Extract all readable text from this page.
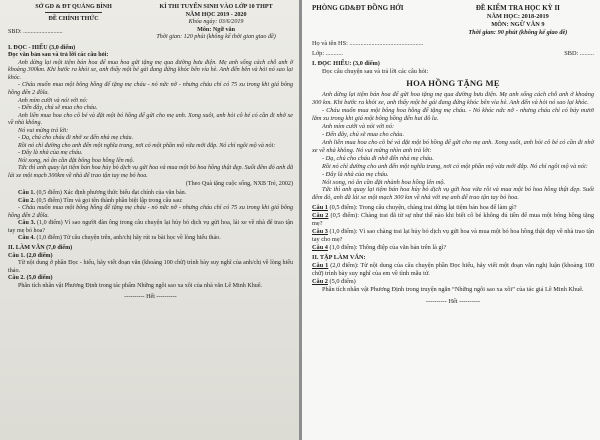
SỞ GD & ĐT QUẢNG BÌNH
ĐỀ CHÍNH THỨC
SBD: ..........................
KÌ THI TUYỂN SINH VÀO LỚP 10 THPT
NĂM HỌC 2019 - 2020
Khóa ngày: 03/6/2019
Môn: Ngữ văn
Thời gian: 120 phút (không kể thời gian giao đề)

I. ĐỌC - HIỂU (3,0 điểm)

Đọc văn bản sau và trả lời các câu hỏi:

Anh dừng lại một tiệm bán hoa để mua hoa gửi tặng mẹ qua đường bưu điện. Mẹ anh sống cách chỗ anh ở khoảng 300km. Khi bước ra khỏi xe, anh thấy một bé gái đang đứng khóc bên vỉa hè. Anh đến bên và hỏi nó sao lại khóc.

- Cháu muốn mua một bông hồng để tặng mẹ cháu - nó nức nở - nhưng cháu chỉ có 75 xu trong khi giá bông hồng đến 2 đôla.

Anh mỉm cười và nói với nó:

- Đến đây, chú sẽ mua cho cháu.

Anh liền mua hoa cho cô bé và đặt một bó hồng để gửi cho mẹ anh. Xong xuôi, anh hỏi cô bé có cần đi nhờ xe về nhà không.

Nó vui mừng trả lời:

- Dạ, chú cho cháu đi nhờ xe đến nhà mẹ cháu.

Rồi nó chỉ đường cho anh đến một nghĩa trang, nơi có một phần mộ vừa mới đắp. Nó chỉ ngôi mộ và nói:

- Đây là nhà của mẹ cháu.

Nói xong, nó ân cần đặt bông hoa hồng lên mộ.

Tức thì anh quay lại tiệm bán hoa hủy bỏ dịch vụ gửi hoa và mua một bó hoa hồng thật đẹp. Suốt đêm đó anh đã lái xe một mạch 300km về nhà để trao tận tay mẹ bó hoa.

(Theo Quà tặng cuộc sống, NXB Trẻ, 2002)

Câu 1. (0,5 điểm) Xác định phương thức biểu đạt chính của văn bản.

Câu 2. (0,5 điểm) Tìm và gọi tên thành phần biệt lập trong câu sau:

- Cháu muốn mua một bông hồng để tặng mẹ cháu - nó nức nở - nhưng cháu chỉ có 75 xu trong khi giá bông hồng đến 2 đôla.

Câu 3. (1,0 điểm) Vì sao người đàn ông trong câu chuyện lại hủy bỏ dịch vụ gửi hoa, lái xe về nhà để trao tận tay mẹ bó hoa?

Câu 4. (1,0 điểm) Từ câu chuyện trên, anh/chị hãy rút ra bài học về lòng hiếu thảo.

II. LÀM VĂN (7,0 điểm)

Câu 1. (2,0 điểm)

Từ nội dung ở phần Đọc - hiểu, hãy viết đoạn văn (khoảng 100 chữ) trình bày suy nghĩ của anh/chị về lòng hiếu thảo.

Câu 2. (5,0 điểm)

Phân tích nhân vật Phương Định trong tác phẩm Những ngôi sao xa xôi của nhà văn Lê Minh Khuê.

---------- Hết ----------

PHÒNG GD&ĐT ĐỒNG HỚI	ĐỀ KIỂM TRA HỌC KỲ II
NĂM HỌC: 2018-2019
MÔN: NGỮ VĂN 9
Thời gian: 90 phút (không kể giao đề)
Họ và tên HS: ...............................................
Lớp: ...........	SBD: .........

I. ĐỌC HIỂU: (3,0 điểm)

Đọc câu chuyện sau và trả lời các câu hỏi:

HOA HỒNG TẶNG MẸ

Anh dừng lại tiệm bán hoa để gửi hoa tặng mẹ qua đường bưu điện. Mẹ anh sống cách chỗ anh ở khoảng 300 km. Khi bước ra khỏi xe, anh thấy một bé gái đang đứng khóc bên vỉa hè. Anh đến và hỏi nó sao lại khóc.

- Cháu muốn mua một bông hoa hồng để tặng mẹ cháu. - Nó khóc nức nở - nhưng cháu chỉ có bảy mươi lăm xu trong khi giá một bông hồng đến hai đô la.

Anh mỉm cười và nói với nó:

- Đến đây, chú sẽ mua cho cháu.

Anh liền mua hoa cho cô bé và đặt một bó hồng để gửi cho mẹ anh. Xong xuôi, anh hỏi cô bé có cần đi nhờ xe về nhà không. Nó vui mừng nhìn anh trả lời:

- Dạ, chú cho cháu đi nhờ đến nhà mẹ cháu.

Rồi nó chỉ đường cho anh đến một nghĩa trang, nơi có một phần mộ vừa mới đắp. Nó chỉ ngôi mộ và nói:

- Đây là nhà của mẹ cháu.

Nói xong, nó ân cần đặt nhành hoa hồng lên mộ.

Tức thì anh quay lại tiệm bán hoa hủy bỏ dịch vụ gửi hoa vừa rồi và mua một bó hoa hồng thật đẹp. Suốt đêm đó, anh đã lái xe một mạch 300 km về nhà với mẹ anh để trao tận tay bó hoa.

Câu 1 (0,5 điểm): Trong câu chuyện, chàng trai dừng lại tiệm bán hoa để làm gì?

Câu 2 (0,5 điểm): Chàng trai đã từ sự như thế nào khi biết cô bé không đủ tiền để mua một bông hồng tặng mẹ?

Câu 3 (1,0 điểm): Vì sao chàng trai lại hủy bỏ dịch vụ gửi hoa và mua một bó hoa hồng thật đẹp về nhà trao tận tay cho mẹ?

Câu 4 (1,0 điểm): Thông điệp của văn bản trên là gì?

II. TẬP LÀM VĂN:

Câu 1 (2,0 điểm): Từ nội dung của câu chuyện phần Đọc hiểu, hãy viết một đoạn văn nghị luận (khoảng 100 chữ) trình bày suy nghĩ của em về tình mẫu tử.

Câu 2 (5,0 điểm)

Phân tích nhân vật Phương Định trong truyện ngắn “Những ngôi sao xa xôi” của tác giả Lê Minh Khuê.

---------- Hết ----------
